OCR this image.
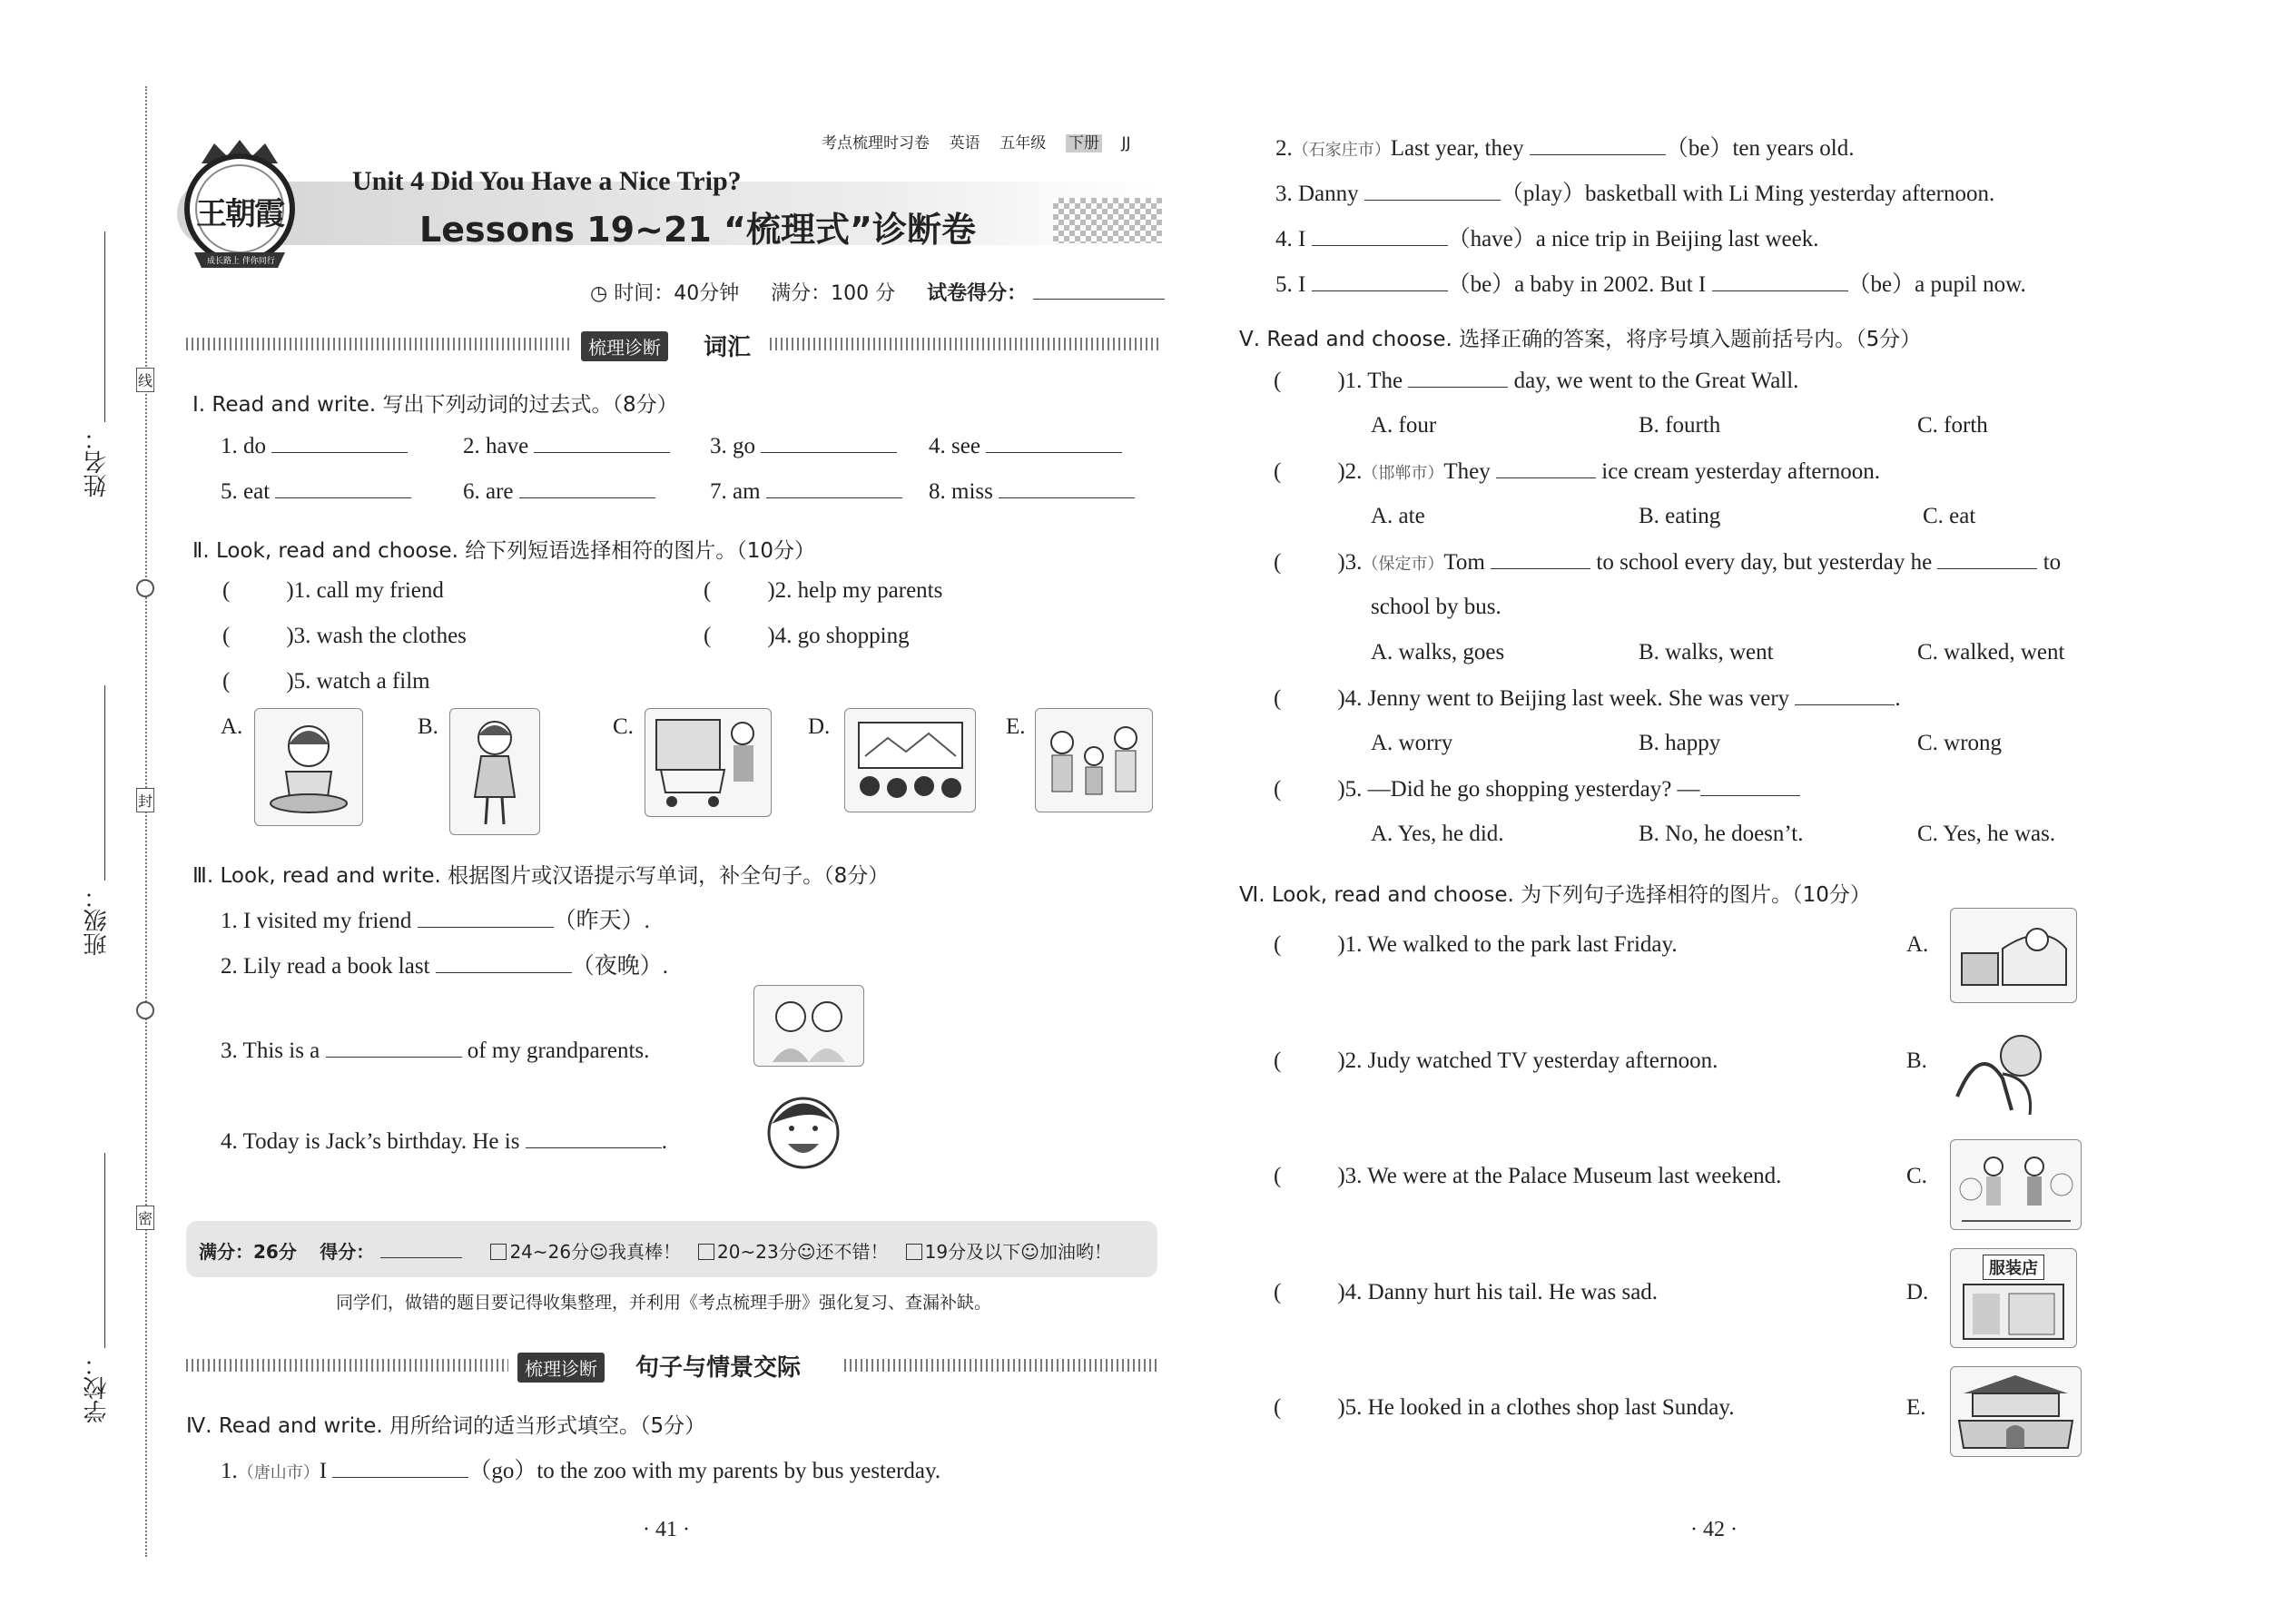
姓名：
班级：
学校：
线
封
密
考点梳理时习卷 英语 五年级 下册 JJ
王朝霞
成长路上 伴你同行
Unit 4 Did You Have a Nice Trip?
Lessons 19~21 “梳理式”诊断卷
◷ 时间：40分钟 满分：100 分 试卷得分：
梳理诊断	词汇
Ⅰ. Read and write. 写出下列动词的过去式。（8分）
1. do	2. have	3. go	4. see
5. eat	6. are	7. am	8. miss
Ⅱ. Look, read and choose. 给下列短语选择相符的图片。（10分）
( )1. call my friend	( )2. help my parents
( )3. wash the clothes	( )4. go shopping
( )5. watch a film
A.	B.	C.	D.	E.
Ⅲ. Look, read and write. 根据图片或汉语提示写单词，补全句子。（8分）
1. I visited my friend	（昨天）.
2. Lily read a book last	（夜晚）.
3. This is a	of my grandparents.
4. Today is Jack’s birthday. He is	.
满分：26分 得分：	24~26分☺我真棒！ 20~23分☺还不错！ 19分及以下☺加油哟！
同学们，做错的题目要记得收集整理，并利用《考点梳理手册》强化复习、查漏补缺。
梳理诊断	句子与情景交际
Ⅳ. Read and write. 用所给词的适当形式填空。（5分）
1.（唐山市）I	（go）to the zoo with my parents by bus yesterday.
2.（石家庄市）Last year, they	（be）ten years old.
3. Danny	（play）basketball with Li Ming yesterday afternoon.
4. I	（have）a nice trip in Beijing last week.
5. I	（be）a baby in 2002. But I	（be）a pupil now.
Ⅴ. Read and choose. 选择正确的答案，将序号填入题前括号内。（5分）
( )1. The	day, we went to the Great Wall.
A. four	B. fourth	C. forth
( )2.（邯郸市）They	ice cream yesterday afternoon.
A. ate	B. eating	C. eat
( )3.（保定市）Tom	to school every day, but yesterday he	to
school by bus.
A. walks, goes	B. walks, went	C. walked, went
( )4. Jenny went to Beijing last week. She was very	.
A. worry	B. happy	C. wrong
( )5. —Did he go shopping yesterday? —
A. Yes, he did.	B. No, he doesn’t.	C. Yes, he was.
Ⅵ. Look, read and choose. 为下列句子选择相符的图片。（10分）
( )1. We walked to the park last Friday.
( )2. Judy watched TV yesterday afternoon.
( )3. We were at the Palace Museum last weekend.
( )4. Danny hurt his tail. He was sad.
( )5. He looked in a clothes shop last Sunday.
A.
B.
C.
D.
服装店
E.
· 41 ·	· 42 ·
